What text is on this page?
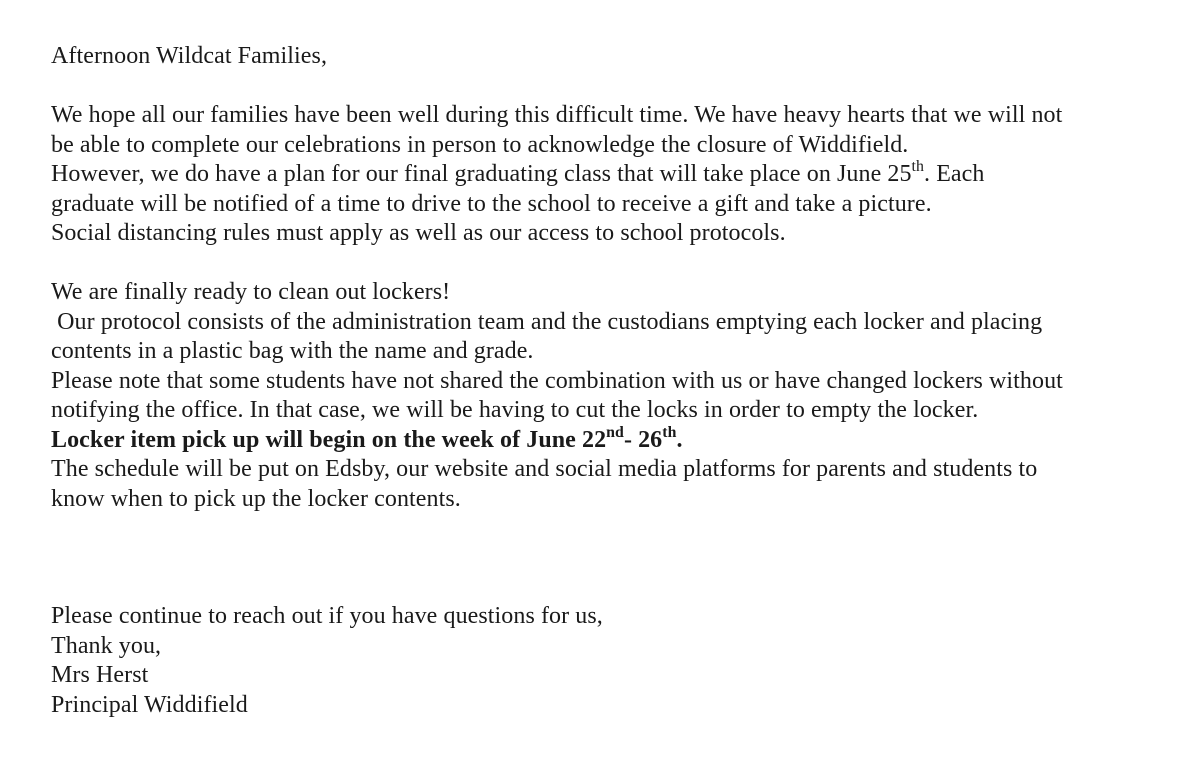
Afternoon Wildcat Families,
We hope all our families have been well during this difficult time. We have heavy hearts that we will not
be able to complete our celebrations in person to acknowledge the closure of Widdifield.
However, we do have a plan for our final graduating class that will take place on June 25th. Each
graduate will be notified of a time to drive to the school to receive a gift and take a picture.
Social distancing rules must apply as well as our access to school protocols.
We are finally ready to clean out lockers!
Our protocol consists of the administration team and the custodians emptying each locker and placing
contents in a plastic bag with the name and grade.
Please note that some students have not shared the combination with us or have changed lockers without
notifying the office. In that case, we will be having to cut the locks in order to empty the locker.
Locker item pick up will begin on the week of June 22nd- 26th.
The schedule will be put on Edsby, our website and social media platforms for parents and students to
know when to pick up the locker contents.
Please continue to reach out if you have questions for us,
Thank you,
Mrs Herst
Principal Widdifield
